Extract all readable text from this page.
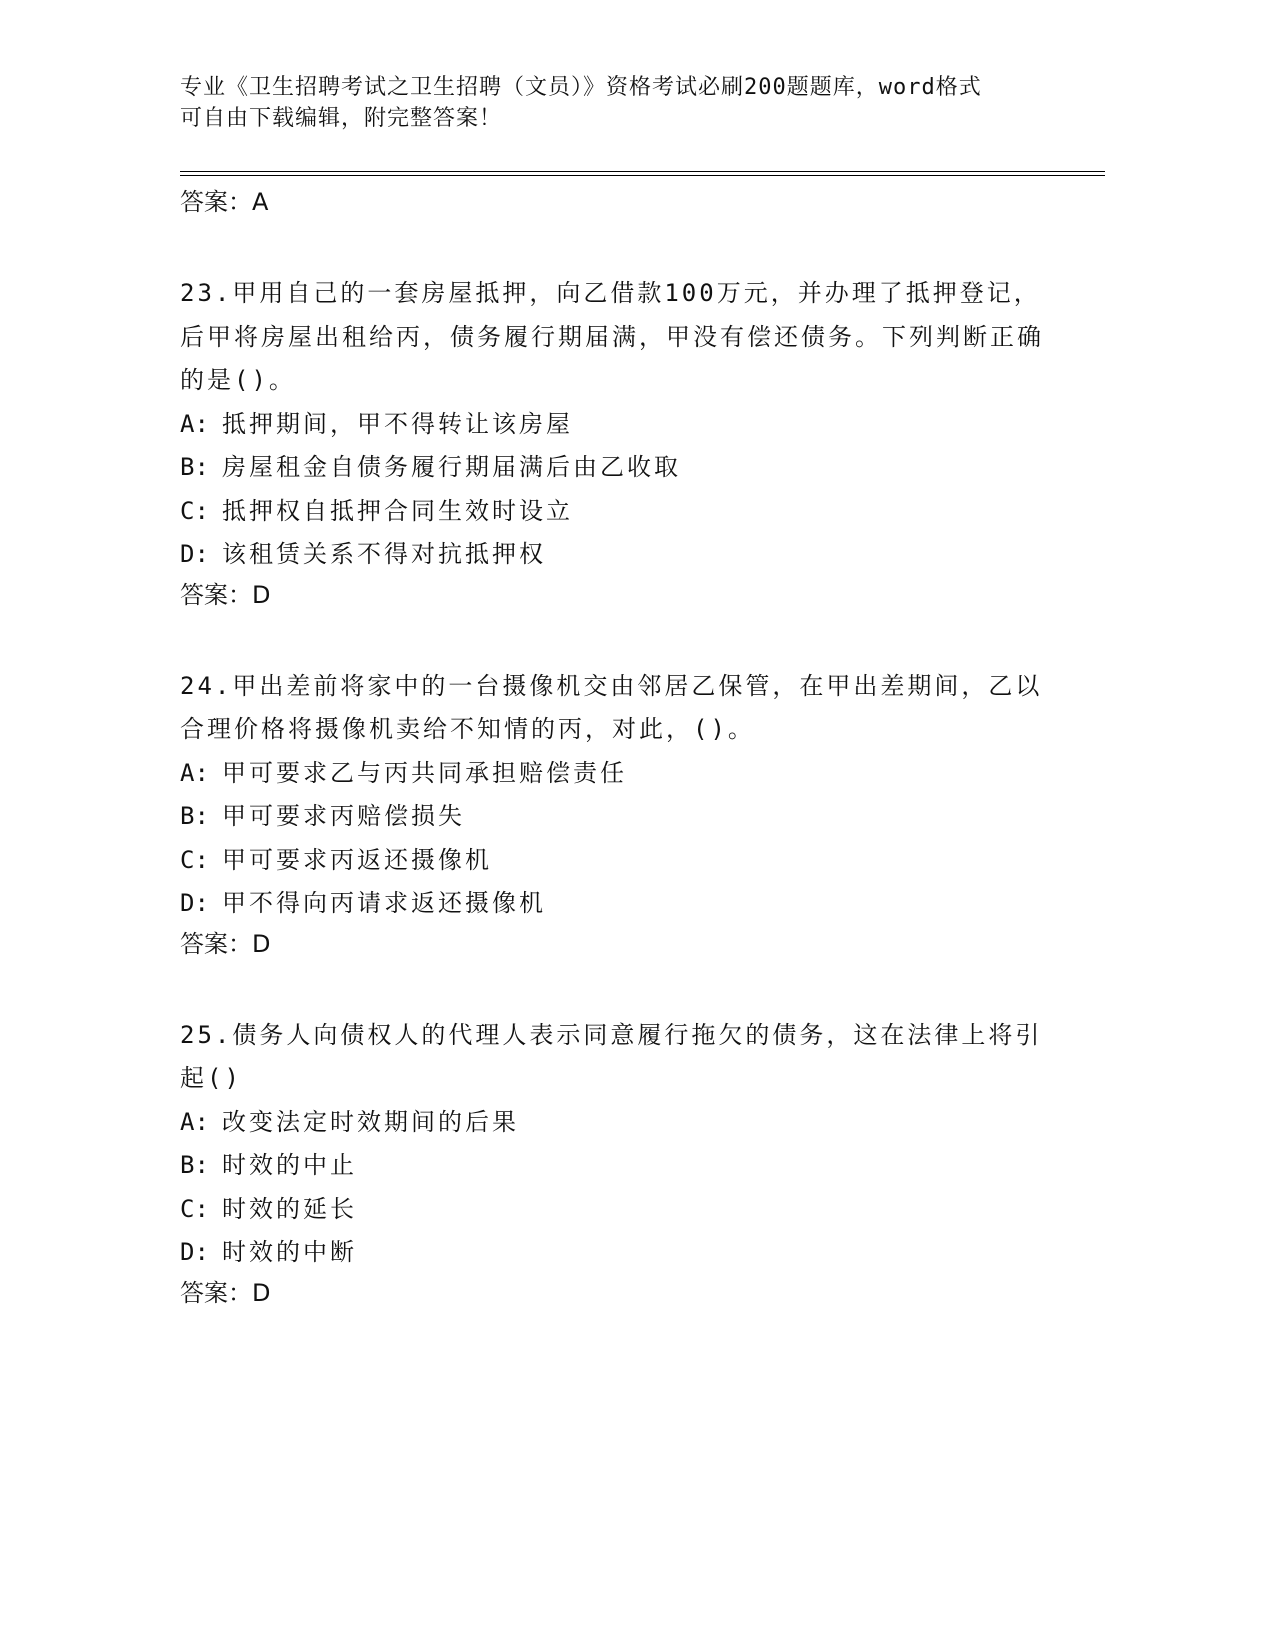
专业《卫生招聘考试之卫生招聘（文员）》资格考试必刷200题题库，word格式
可自由下载编辑，附完整答案！

答案：A

23.甲用自己的一套房屋抵押，向乙借款100万元，并办理了抵押登记，后甲将房屋出租给丙，债务履行期届满，甲没有偿还债务。下列判断正确的是()。

A: 抵押期间，甲不得转让该房屋

B: 房屋租金自债务履行期届满后由乙收取

C: 抵押权自抵押合同生效时设立

D: 该租赁关系不得对抗抵押权

答案：D

24.甲出差前将家中的一台摄像机交由邻居乙保管，在甲出差期间，乙以合理价格将摄像机卖给不知情的丙，对此，()。

A: 甲可要求乙与丙共同承担赔偿责任

B: 甲可要求丙赔偿损失

C: 甲可要求丙返还摄像机

D: 甲不得向丙请求返还摄像机

答案：D

25.债务人向债权人的代理人表示同意履行拖欠的债务，这在法律上将引起()

A: 改变法定时效期间的后果

B: 时效的中止

C: 时效的延长

D: 时效的中断

答案：D
